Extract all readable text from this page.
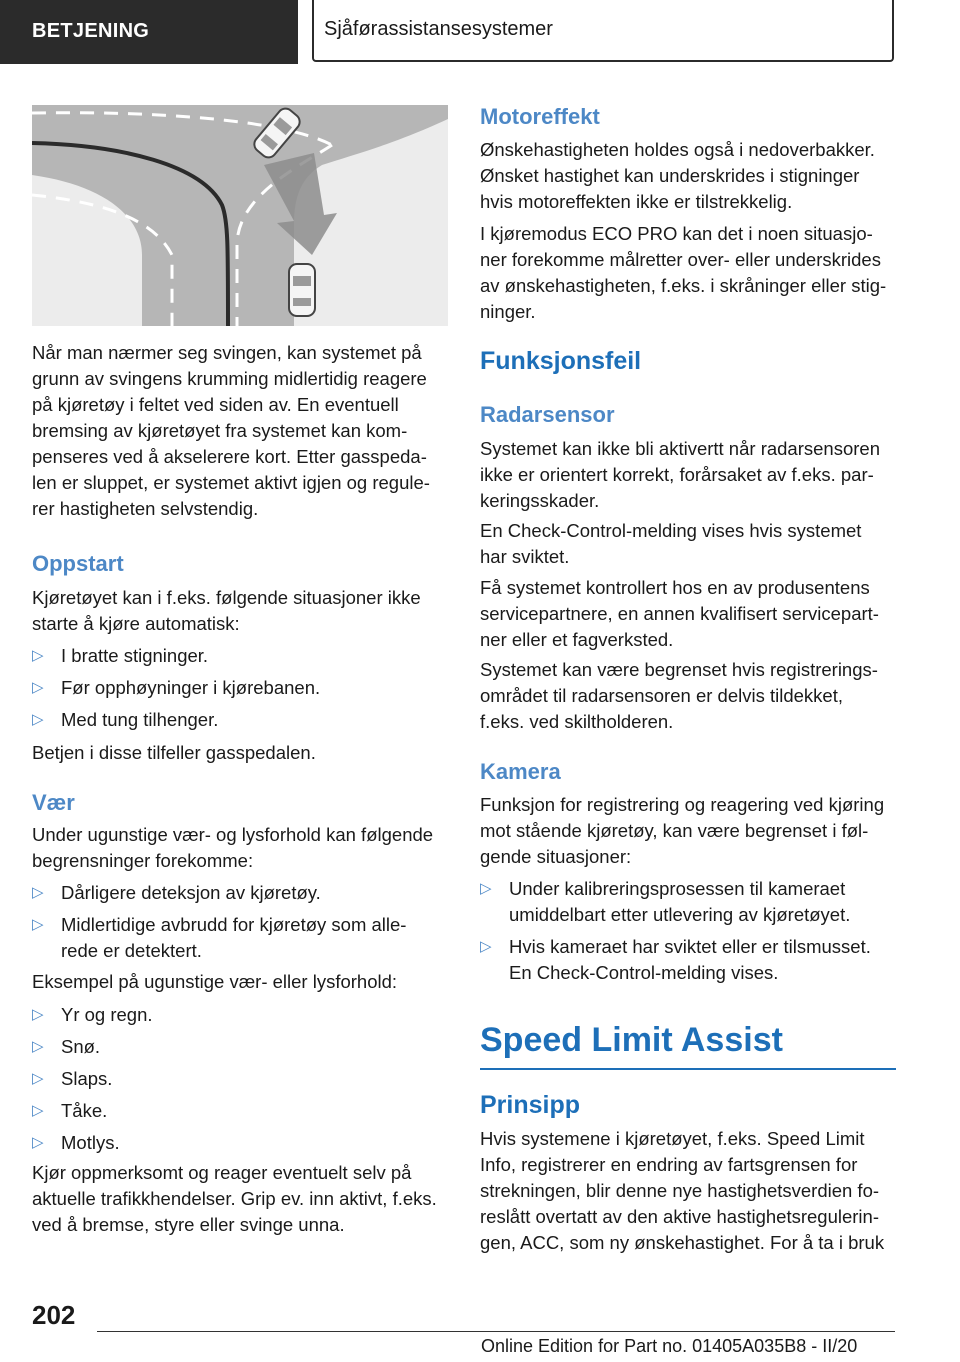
BETJENING	Sjåførassistansesystemer

Når man nærmer seg svingen, kan systemet på

grunn av svingens krumming midlertidig reagere

på kjøretøy i feltet ved siden av. En eventuell

bremsing av kjøretøyet fra systemet kan kom‐

penseres ved å akselerere kort. Etter gasspeda‐

len er sluppet, er systemet aktivt igjen og regule‐

rer hastigheten selvstendig.

Oppstart

Kjøretøyet kan i f.eks. følgende situasjoner ikke

starte å kjøre automatisk:

▷ I bratte stigninger.
▷ Før opphøyninger i kjørebanen.
▷ Med tung tilhenger.

Betjen i disse tilfeller gasspedalen.

Vær

Under ugunstige vær- og lysforhold kan følgende

begrensninger forekomme:

▷ Dårligere deteksjon av kjøretøy.
▷ Midlertidige avbrudd for kjøretøy som alle‐
rede er detektert.

Eksempel på ugunstige vær- eller lysforhold:

▷ Yr og regn.
▷ Snø.
▷ Slaps.
▷ Tåke.
▷ Motlys.

Kjør oppmerksomt og reager eventuelt selv på

aktuelle trafikkhendelser. Grip ev. inn aktivt, f.eks.

ved å bremse, styre eller svinge unna.

Motoreffekt

Ønskehastigheten holdes også i nedoverbakker.

Ønsket hastighet kan underskrides i stigninger

hvis motoreffekten ikke er tilstrekkelig.

I kjøremodus ECO PRO kan det i noen situasjo‐

ner forekomme målretter over- eller underskrides

av ønskehastigheten, f.eks. i skråninger eller stig‐

ninger.

Funksjonsfeil
Radarsensor

Systemet kan ikke bli aktivertt når radarsensoren

ikke er orientert korrekt, forårsaket av f.eks. par‐

keringsskader.

En Check-Control-melding vises hvis systemet

har sviktet.

Få systemet kontrollert hos en av produsentens

servicepartnere, en annen kvalifisert servicepart‐

ner eller et fagverksted.

Systemet kan være begrenset hvis registrerings‐

området til radarsensoren er delvis tildekket,

f.eks. ved skiltholderen.

Kamera

Funksjon for registrering og reagering ved kjøring

mot stående kjøretøy, kan være begrenset i føl‐

gende situasjoner:

▷ Under kalibreringsprosessen til kameraet
umiddelbart etter utlevering av kjøretøyet.
▷ Hvis kameraet har sviktet eller er tilsmusset.
En Check-Control-melding vises.
Speed Limit Assist
Prinsipp

Hvis systemene i kjøretøyet, f.eks. Speed Limit

Info, registrerer en endring av fartsgrensen for

strekningen, blir denne nye hastighetsverdien fo‐

reslått overtatt av den aktive hastighetsregulerin‐

gen, ACC, som ny ønskehastighet. For å ta i bruk

202
Online Edition for Part no. 01405A035B8 - II/20
